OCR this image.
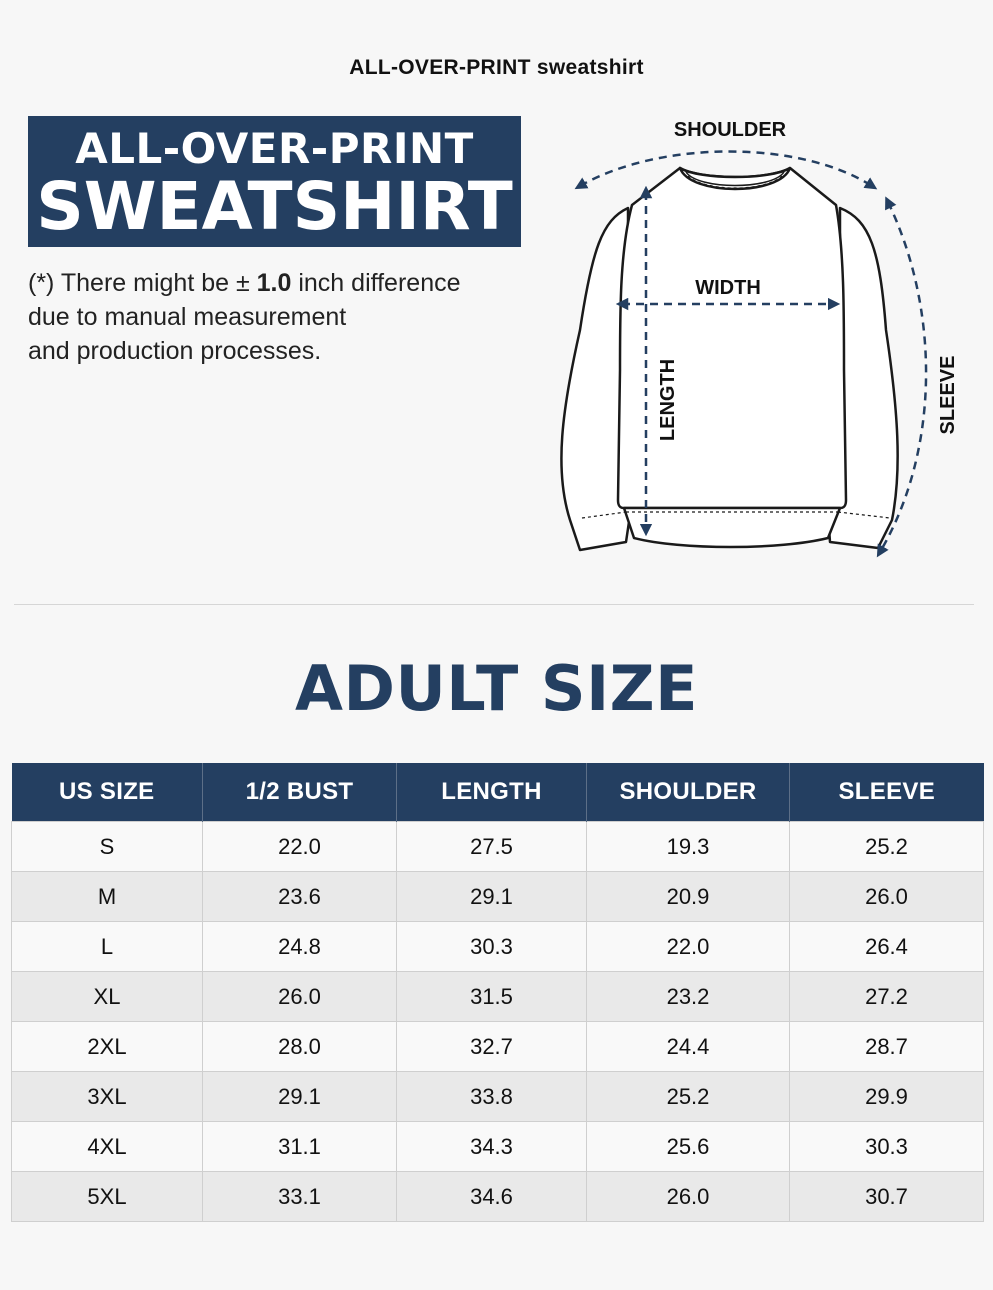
ALL-OVER-PRINT sweatshirt
ALL-OVER-PRINT
SWEATSHIRT
(*) There might be ± 1.0 inch difference
due to manual measurement
and production processes.
SHOULDER
WIDTH
LENGTH	SLEEVE
ADULT SIZE
US SIZE	1/2 BUST	LENGTH	SHOULDER	SLEEVE
S	22.0	27.5	19.3	25.2
M	23.6	29.1	20.9	26.0
L	24.8	30.3	22.0	26.4
XL	26.0	31.5	23.2	27.2
2XL	28.0	32.7	24.4	28.7
3XL	29.1	33.8	25.2	29.9
4XL	31.1	34.3	25.6	30.3
5XL	33.1	34.6	26.0	30.7
